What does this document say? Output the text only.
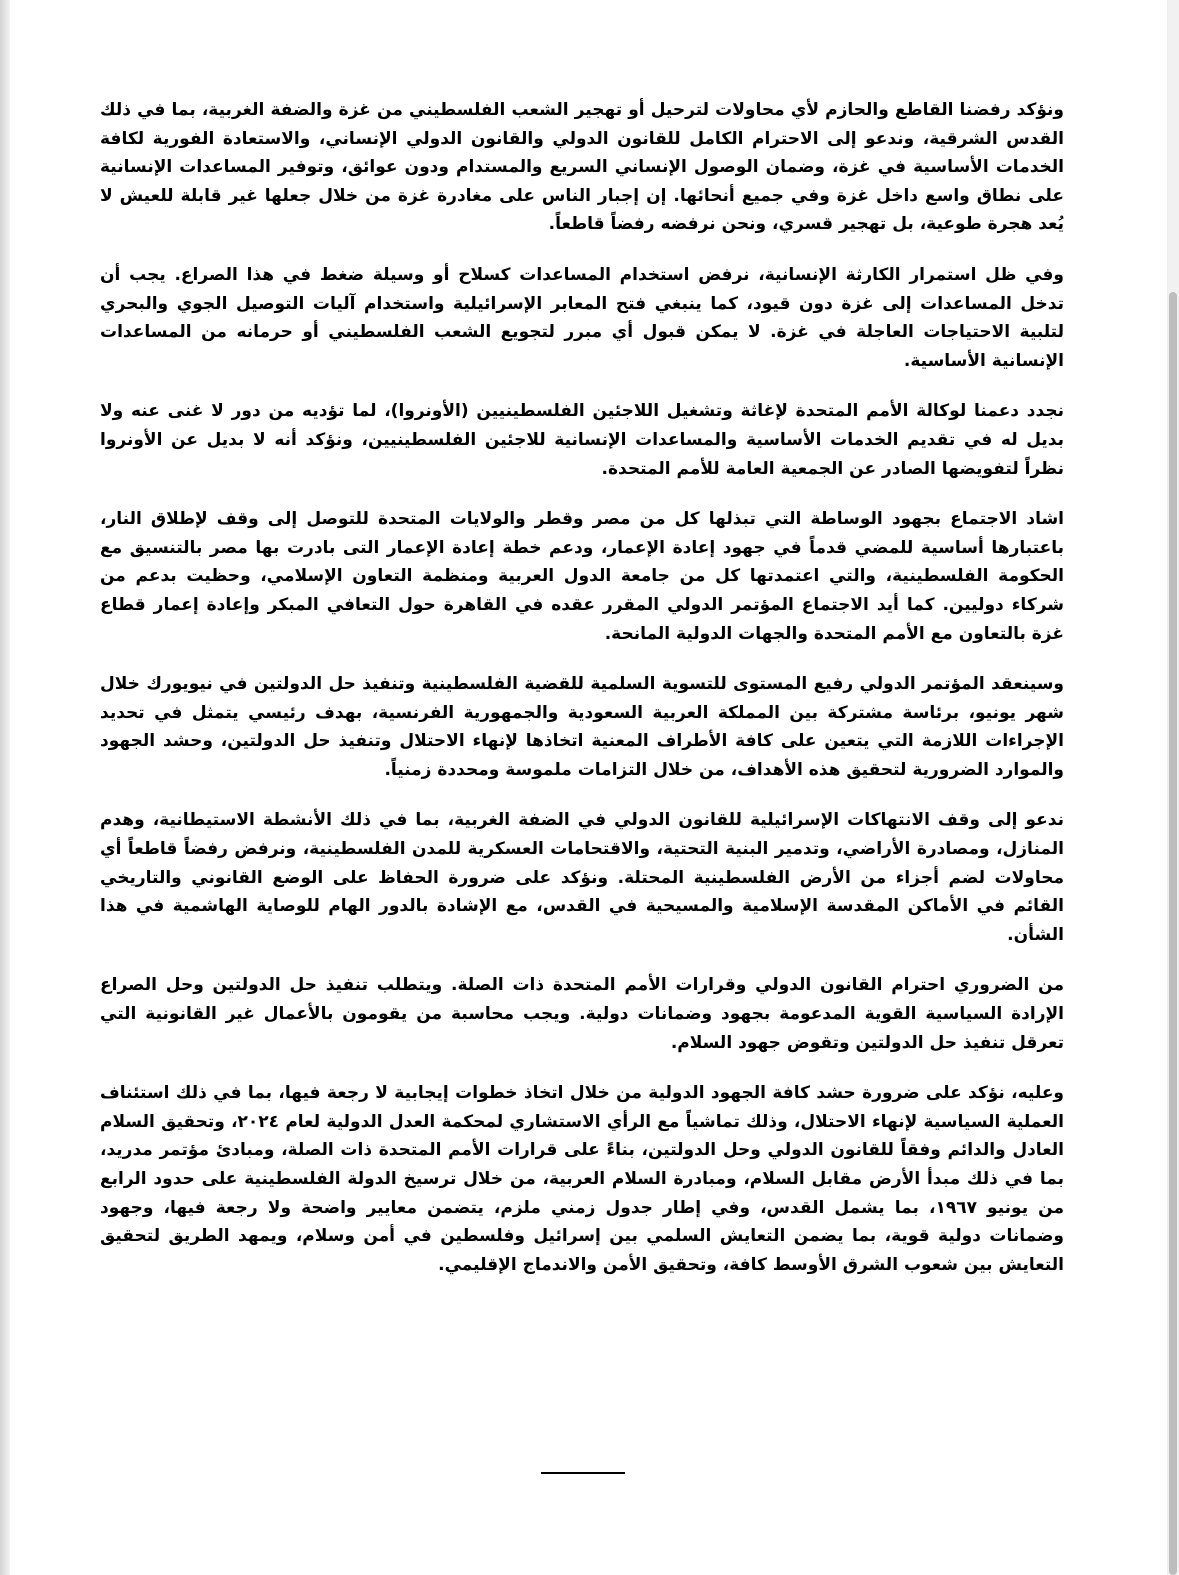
ونؤكد رفضنا القاطع والحازم لأي محاولات لترحيل أو تهجير الشعب الفلسطيني من غزة والضفة الغربية، بما في ذلك القدس الشرقية، وندعو إلى الاحترام الكامل للقانون الدولي والقانون الدولي الإنساني، والاستعادة الفورية لكافة الخدمات الأساسية في غزة، وضمان الوصول الإنساني السريع والمستدام ودون عوائق، وتوفير المساعدات الإنسانية على نطاق واسع داخل غزة وفي جميع أنحائها. إن إجبار الناس على مغادرة غزة من خلال جعلها غير قابلة للعيش لا يُعد هجرة طوعية، بل تهجير قسري، ونحن نرفضه رفضاً قاطعاً.

وفي ظل استمرار الكارثة الإنسانية، نرفض استخدام المساعدات كسلاح أو وسيلة ضغط في هذا الصراع. يجب أن تدخل المساعدات إلى غزة دون قيود، كما ينبغي فتح المعابر الإسرائيلية واستخدام آليات التوصيل الجوي والبحري لتلبية الاحتياجات العاجلة في غزة. لا يمكن قبول أي مبرر لتجويع الشعب الفلسطيني أو حرمانه من المساعدات الإنسانية الأساسية.

نجدد دعمنا لوكالة الأمم المتحدة لإغاثة وتشغيل اللاجئين الفلسطينيين (الأونروا)، لما تؤديه من دور لا غنى عنه ولا بديل له في تقديم الخدمات الأساسية والمساعدات الإنسانية للاجئين الفلسطينيين، ونؤكد أنه لا بديل عن الأونروا نظراً لتفويضها الصادر عن الجمعية العامة للأمم المتحدة.

اشاد الاجتماع بجهود الوساطة التي تبذلها كل من مصر وقطر والولايات المتحدة للتوصل إلى وقف لإطلاق النار، باعتبارها أساسية للمضي قدماً في جهود إعادة الإعمار، ودعم خطة إعادة الإعمار التى بادرت بها مصر بالتنسيق مع الحكومة الفلسطينية، والتي اعتمدتها كل من جامعة الدول العربية ومنظمة التعاون الإسلامي، وحظيت بدعم من شركاء دوليين. كما أيد الاجتماع المؤتمر الدولي المقرر عقده في القاهرة حول التعافي المبكر وإعادة إعمار قطاع غزة بالتعاون مع الأمم المتحدة والجهات الدولية المانحة.

وسينعقد المؤتمر الدولي رفيع المستوى للتسوية السلمية للقضية الفلسطينية وتنفيذ حل الدولتين في نيويورك خلال شهر يونيو، برئاسة مشتركة بين المملكة العربية السعودية والجمهورية الفرنسية، بهدف رئيسي يتمثل في تحديد الإجراءات اللازمة التي يتعين على كافة الأطراف المعنية اتخاذها لإنهاء الاحتلال وتنفيذ حل الدولتين، وحشد الجهود والموارد الضرورية لتحقيق هذه الأهداف، من خلال التزامات ملموسة ومحددة زمنياً.

ندعو إلى وقف الانتهاكات الإسرائيلية للقانون الدولي في الضفة الغربية، بما في ذلك الأنشطة الاستيطانية، وهدم المنازل، ومصادرة الأراضي، وتدمير البنية التحتية، والاقتحامات العسكرية للمدن الفلسطينية، ونرفض رفضاً قاطعاً أي محاولات لضم أجزاء من الأرض الفلسطينية المحتلة. ونؤكد على ضرورة الحفاظ على الوضع القانوني والتاريخي القائم في الأماكن المقدسة الإسلامية والمسيحية في القدس، مع الإشادة بالدور الهام للوصاية الهاشمية في هذا الشأن.

من الضروري احترام القانون الدولي وقرارات الأمم المتحدة ذات الصلة. ويتطلب تنفيذ حل الدولتين وحل الصراع الإرادة السياسية القوية المدعومة بجهود وضمانات دولية. ويجب محاسبة من يقومون بالأعمال غير القانونية التي تعرقل تنفيذ حل الدولتين وتقوض جهود السلام.

وعليه، نؤكد على ضرورة حشد كافة الجهود الدولية من خلال اتخاذ خطوات إيجابية لا رجعة فيها، بما في ذلك استئناف العملية السياسية لإنهاء الاحتلال، وذلك تماشياً مع الرأي الاستشاري لمحكمة العدل الدولية لعام ٢٠٢٤، وتحقيق السلام العادل والدائم وفقاً للقانون الدولي وحل الدولتين، بناءً على قرارات الأمم المتحدة ذات الصلة، ومبادئ مؤتمر مدريد، بما في ذلك مبدأ الأرض مقابل السلام، ومبادرة السلام العربية، من خلال ترسيخ الدولة الفلسطينية على حدود الرابع من يونيو ١٩٦٧، بما يشمل القدس، وفي إطار جدول زمني ملزم، يتضمن معايير واضحة ولا رجعة فيها، وجهود وضمانات دولية قوية، بما يضمن التعايش السلمي بين إسرائيل وفلسطين في أمن وسلام، ويمهد الطريق لتحقيق التعايش بين شعوب الشرق الأوسط كافة، وتحقيق الأمن والاندماج الإقليمي.
